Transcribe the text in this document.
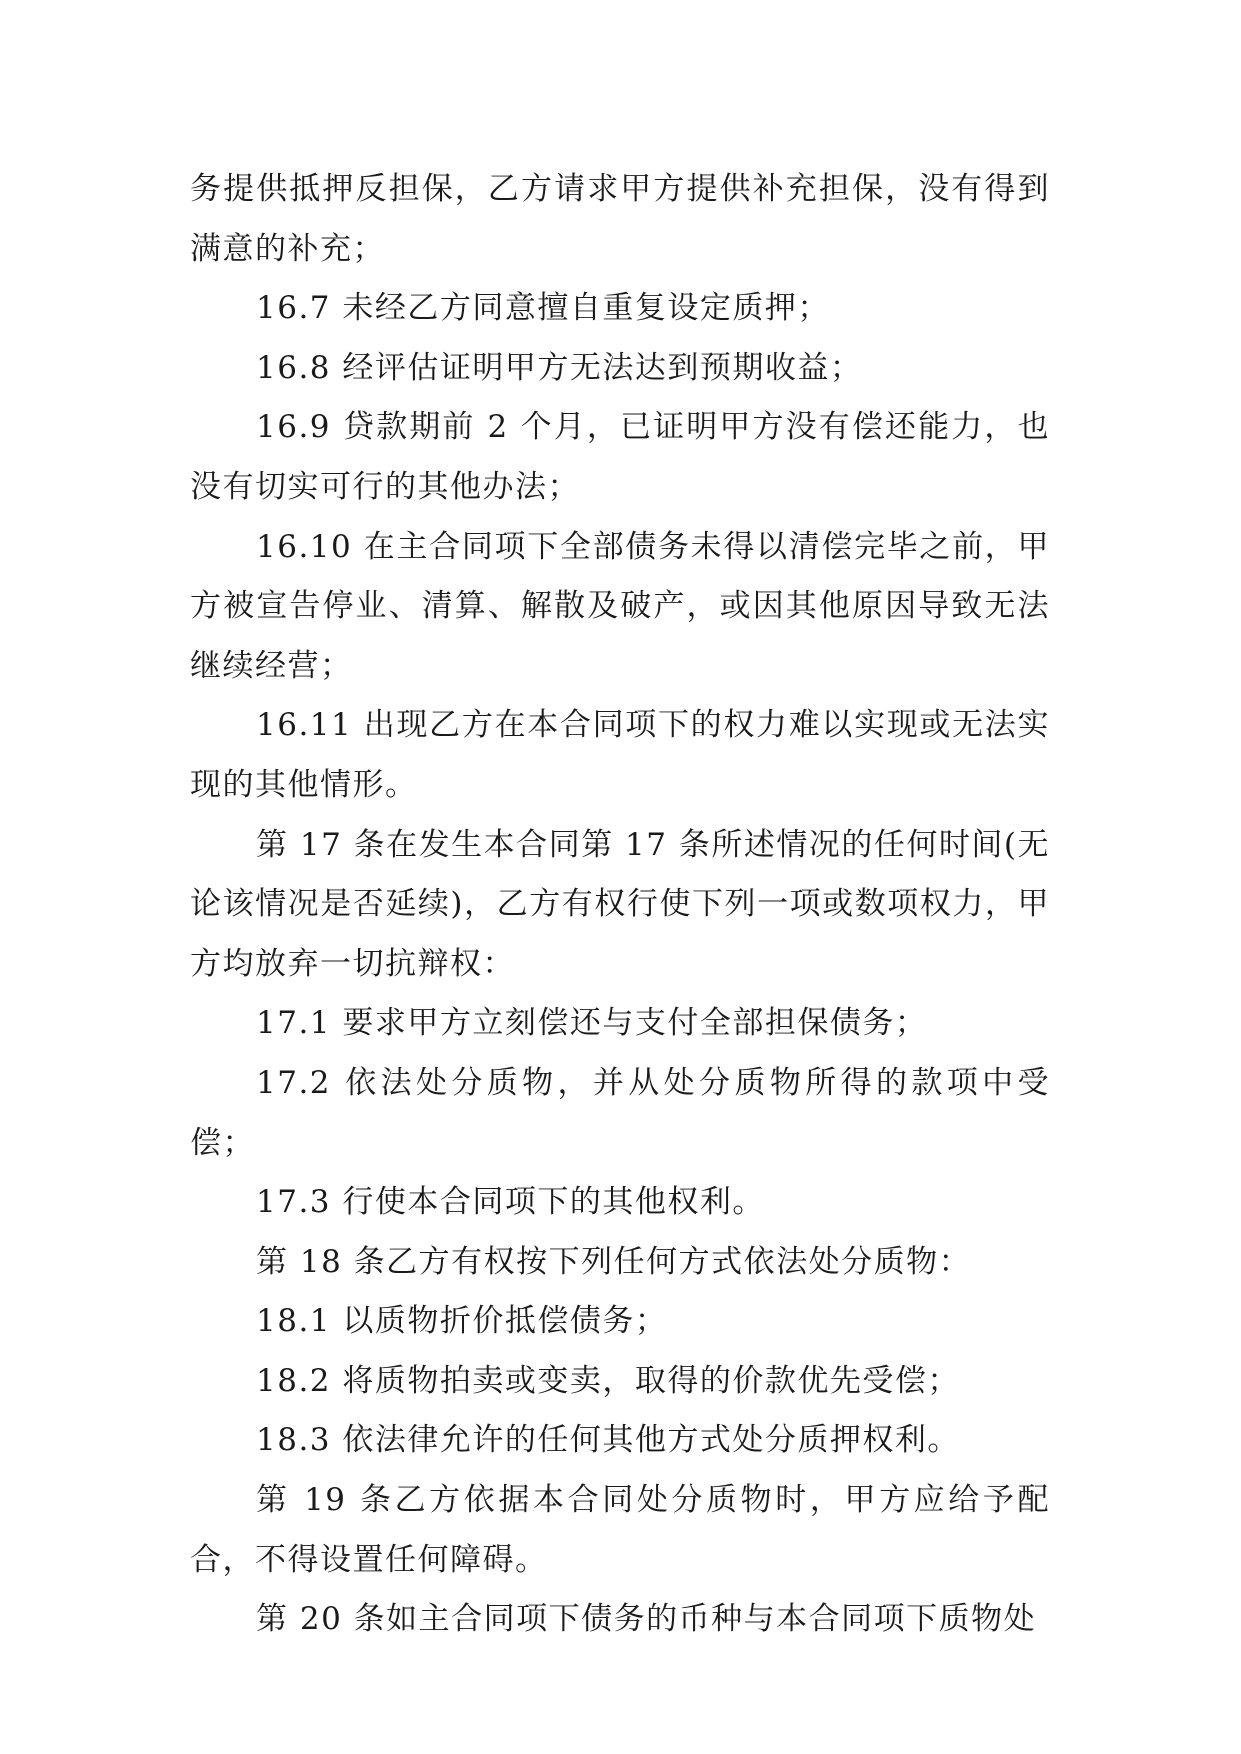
务提供抵押反担保，乙方请求甲方提供补充担保，没有得到满意的补充；

16.7 未经乙方同意擅自重复设定质押；

16.8 经评估证明甲方无法达到预期收益；

16.9 贷款期前 2 个月，已证明甲方没有偿还能力，也没有切实可行的其他办法；

16.10 在主合同项下全部债务未得以清偿完毕之前，甲方被宣告停业、清算、解散及破产，或因其他原因导致无法继续经营；

16.11 出现乙方在本合同项下的权力难以实现或无法实现的其他情形。

第 17 条在发生本合同第 17 条所述情况的任何时间(无论该情况是否延续)，乙方有权行使下列一项或数项权力，甲方均放弃一切抗辩权：

17.1 要求甲方立刻偿还与支付全部担保债务；

17.2 依法处分质物，并从处分质物所得的款项中受偿；

17.3 行使本合同项下的其他权利。

第 18 条乙方有权按下列任何方式依法处分质物：

18.1 以质物折价抵偿债务；

18.2 将质物拍卖或变卖，取得的价款优先受偿；

18.3 依法律允许的任何其他方式处分质押权利。

第 19 条乙方依据本合同处分质物时，甲方应给予配合，不得设置任何障碍。

第 20 条如主合同项下债务的币种与本合同项下质物处
